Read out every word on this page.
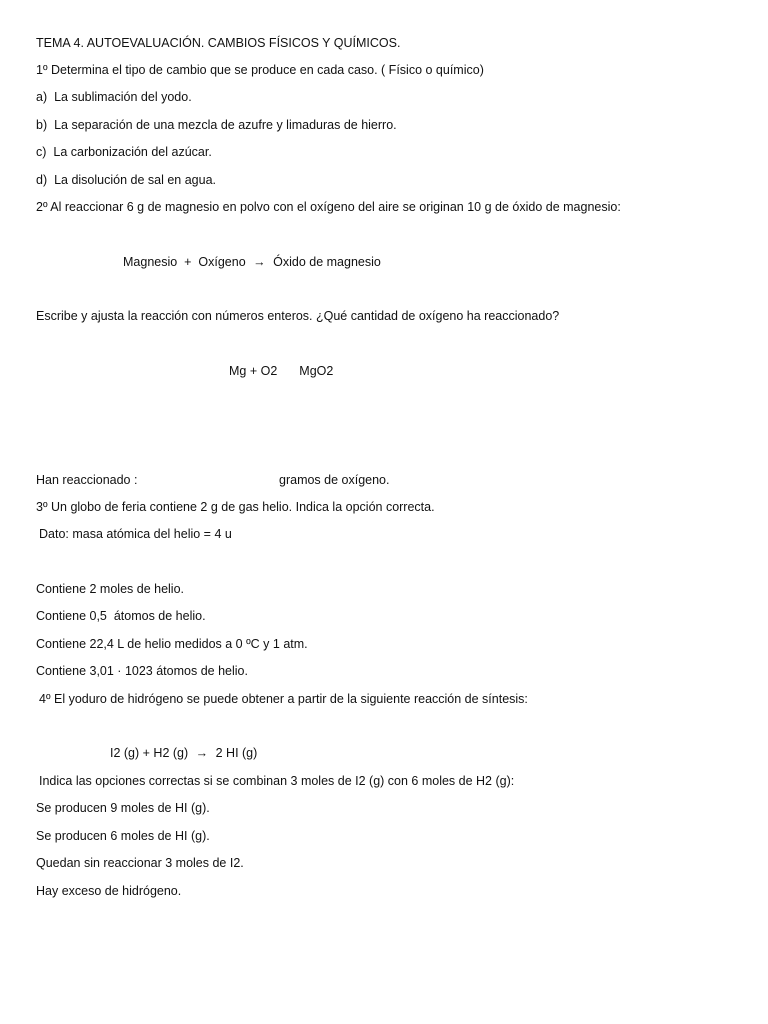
TEMA 4. AUTOEVALUACIÓN. CAMBIOS FÍSICOS Y QUÍMICOS.
1º Determina el tipo de cambio que se produce en cada caso. ( Físico o químico)
a) La sublimación del yodo.
b) La separación de una mezcla de azufre y limaduras de hierro.
c) La carbonización del azúcar.
d) La disolución de sal en agua.
2º Al reaccionar 6 g de magnesio en polvo con el oxígeno del aire se originan 10 g de óxido de magnesio:
Magnesio  +  Oxígeno → Óxido de magnesio
Escribe y ajusta la reacción con números enteros. ¿Qué cantidad de oxígeno ha reaccionado?
Mg + O2 MgO2
Han reaccionado :	gramos de oxígeno.
3º Un globo de feria contiene 2 g de gas helio. Indica la opción correcta.
Dato: masa atómica del helio = 4 u
Contiene 2 moles de helio.
Contiene 0,5  átomos de helio.
Contiene 22,4 L de helio medidos a 0 ºC y 1 atm.
Contiene 3,01 · 1023 átomos de helio.
4º El yoduro de hidrógeno se puede obtener a partir de la siguiente reacción de síntesis:
I2 (g) + H2 (g) → 2 HI (g)
Indica las opciones correctas si se combinan 3 moles de I2 (g) con 6 moles de H2 (g):
Se producen 9 moles de HI (g).
Se producen 6 moles de HI (g).
Quedan sin reaccionar 3 moles de I2.
Hay exceso de hidrógeno.
